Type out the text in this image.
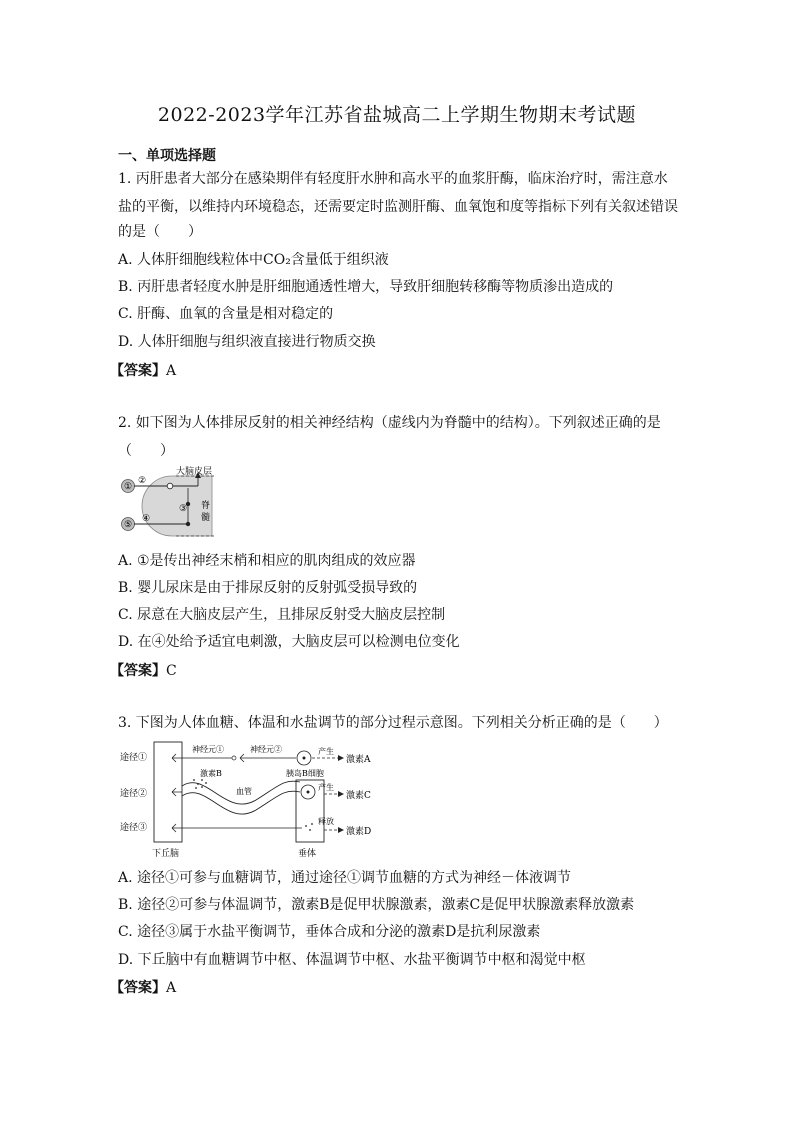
2022-2023学年江苏省盐城高二上学期生物期末考试题
一、单项选择题
1. 丙肝患者大部分在感染期伴有轻度肝水肿和高水平的血浆肝酶，临床治疗时，需注意水
盐的平衡，以维持内环境稳态，还需要定时监测肝酶、血氧饱和度等指标下列有关叙述错误
的是（　　）
A. 人体肝细胞线粒体中CO₂含量低于组织液
B. 丙肝患者轻度水肿是肝细胞通透性增大，导致肝细胞转移酶等物质渗出造成的
C. 肝酶、血氧的含量是相对稳定的
D. 人体肝细胞与组织液直接进行物质交换
【答案】A
2. 如下图为人体排尿反射的相关神经结构（虚线内为脊髓中的结构）。下列叙述正确的是
（　　）
大脑皮层
①
②
③
④
⑤
脊
髓
A. ①是传出神经末梢和相应的肌肉组成的效应器
B. 婴儿尿床是由于排尿反射的反射弧受损导致的
C. 尿意在大脑皮层产生，且排尿反射受大脑皮层控制
D. 在④处给予适宜电刺激，大脑皮层可以检测电位变化
【答案】C
3. 下图为人体血糖、体温和水盐调节的部分过程示意图。下列相关分析正确的是（　　）
途径①
途径②
途径③
神经元①	神经元②	产生
激素A
激素B
血管
胰岛B细胞
产生
激素C
释放
激素D
下丘脑	垂体
A. 途径①可参与血糖调节，通过途径①调节血糖的方式为神经－体液调节
B. 途径②可参与体温调节，激素B是促甲状腺激素，激素C是促甲状腺激素释放激素
C. 途径③属于水盐平衡调节，垂体合成和分泌的激素D是抗利尿激素
D. 下丘脑中有血糖调节中枢、体温调节中枢、水盐平衡调节中枢和渴觉中枢
【答案】A
